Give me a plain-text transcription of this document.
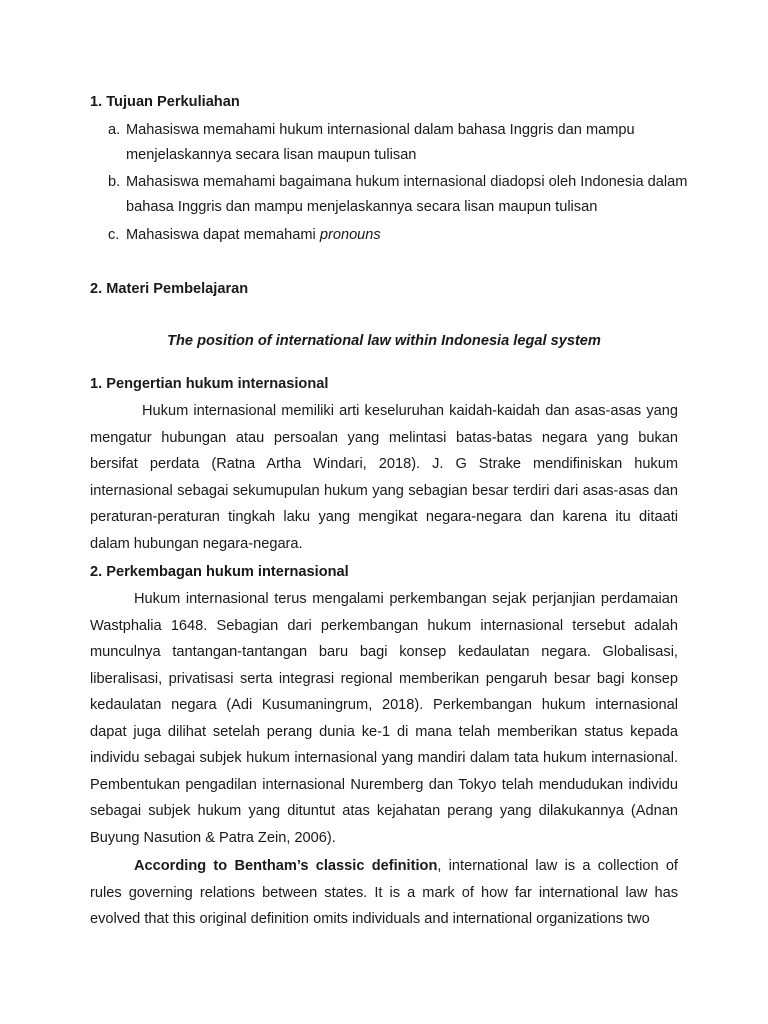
1. Tujuan Perkuliahan
a. Mahasiswa memahami hukum internasional dalam bahasa Inggris dan mampu menjelaskannya secara lisan maupun tulisan
b. Mahasiswa memahami bagaimana hukum internasional diadopsi oleh Indonesia dalam bahasa Inggris dan mampu menjelaskannya secara lisan maupun tulisan
c. Mahasiswa dapat memahami pronouns
2. Materi Pembelajaran
The position of international law within Indonesia legal system
1. Pengertian hukum internasional

Hukum internasional memiliki arti keseluruhan kaidah-kaidah dan asas-asas yang mengatur hubungan atau persoalan yang melintasi batas-batas negara yang bukan bersifat perdata (Ratna Artha Windari, 2018). J. G Strake mendifiniskan hukum internasional sebagai sekumupulan hukum yang sebagian besar terdiri dari asas-asas dan peraturan-peraturan tingkah laku yang mengikat negara-negara dan karena itu ditaati dalam hubungan negara-negara.

2. Perkembagan hukum internasional

Hukum internasional terus mengalami perkembangan sejak perjanjian perdamaian Wastphalia 1648. Sebagian dari perkembangan hukum internasional tersebut adalah munculnya tantangan-tantangan baru bagi konsep kedaulatan negara. Globalisasi, liberalisasi, privatisasi serta integrasi regional memberikan pengaruh besar bagi konsep kedaulatan negara (Adi Kusumaningrum, 2018). Perkembangan hukum internasional dapat juga dilihat setelah perang dunia ke-1 di mana telah memberikan status kepada individu sebagai subjek hukum internasional yang mandiri dalam tata hukum internasional. Pembentukan pengadilan internasional Nuremberg dan Tokyo telah mendudukan individu sebagai subjek hukum yang dituntut atas kejahatan perang yang dilakukannya (Adnan Buyung Nasution & Patra Zein, 2006).

According to Bentham’s classic definition, international law is a collection of rules governing relations between states. It is a mark of how far international law has evolved that this original definition omits individuals and international organizations two
